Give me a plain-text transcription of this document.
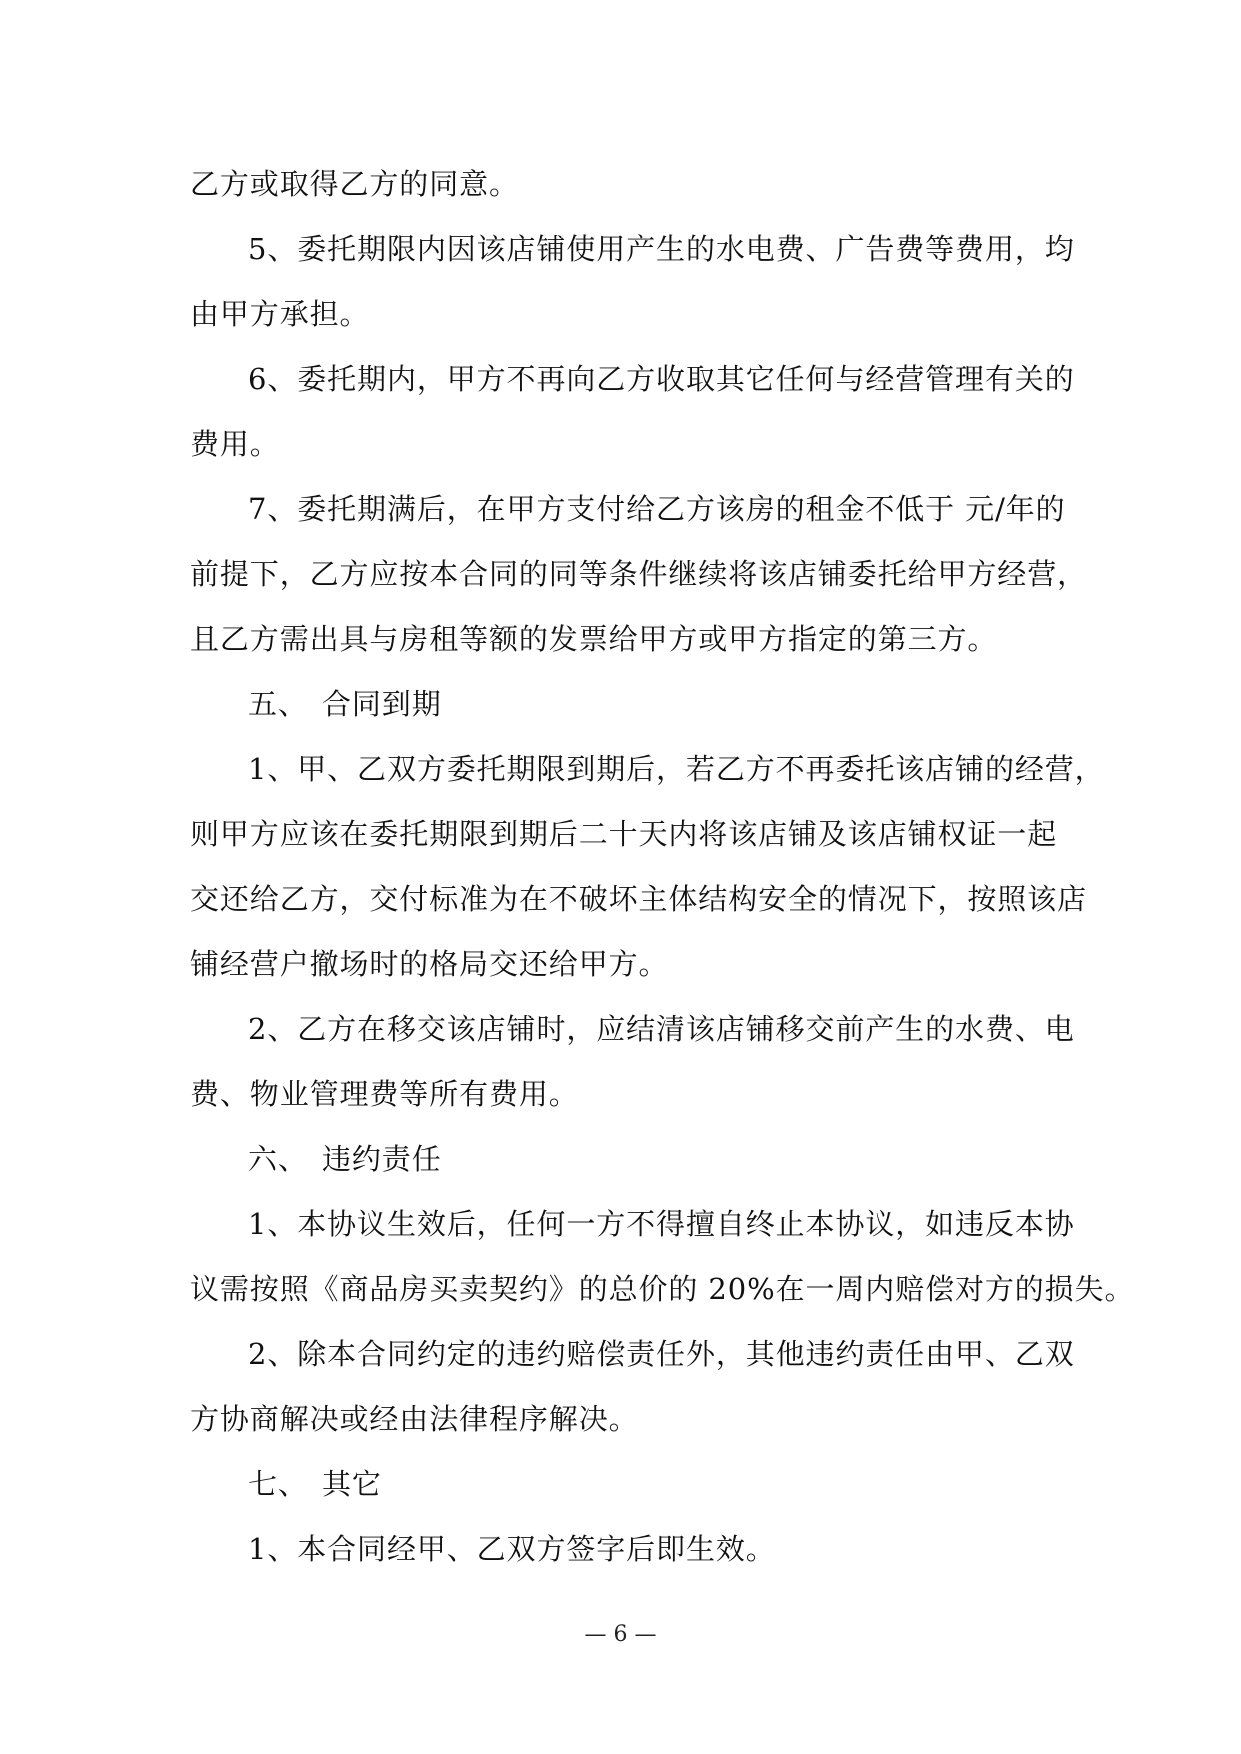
乙方或取得乙方的同意。
5、委托期限内因该店铺使用产生的水电费、广告费等费用，均
由甲方承担。
6、委托期内，甲方不再向乙方收取其它任何与经营管理有关的
费用。
7、委托期满后，在甲方支付给乙方该房的租金不低于 元/年的
前提下，乙方应按本合同的同等条件继续将该店铺委托给甲方经营，
且乙方需出具与房租等额的发票给甲方或甲方指定的第三方。
五、 合同到期
1、甲、乙双方委托期限到期后，若乙方不再委托该店铺的经营，
则甲方应该在委托期限到期后二十天内将该店铺及该店铺权证一起
交还给乙方，交付标准为在不破坏主体结构安全的情况下，按照该店
铺经营户撤场时的格局交还给甲方。
2、乙方在移交该店铺时，应结清该店铺移交前产生的水费、电
费、物业管理费等所有费用。
六、 违约责任
1、本协议生效后，任何一方不得擅自终止本协议，如违反本协
议需按照《商品房买卖契约》的总价的 20%在一周内赔偿对方的损失。
2、除本合同约定的违约赔偿责任外，其他违约责任由甲、乙双
方协商解决或经由法律程序解决。
七、 其它
1、本合同经甲、乙双方签字后即生效。
— 6 —
